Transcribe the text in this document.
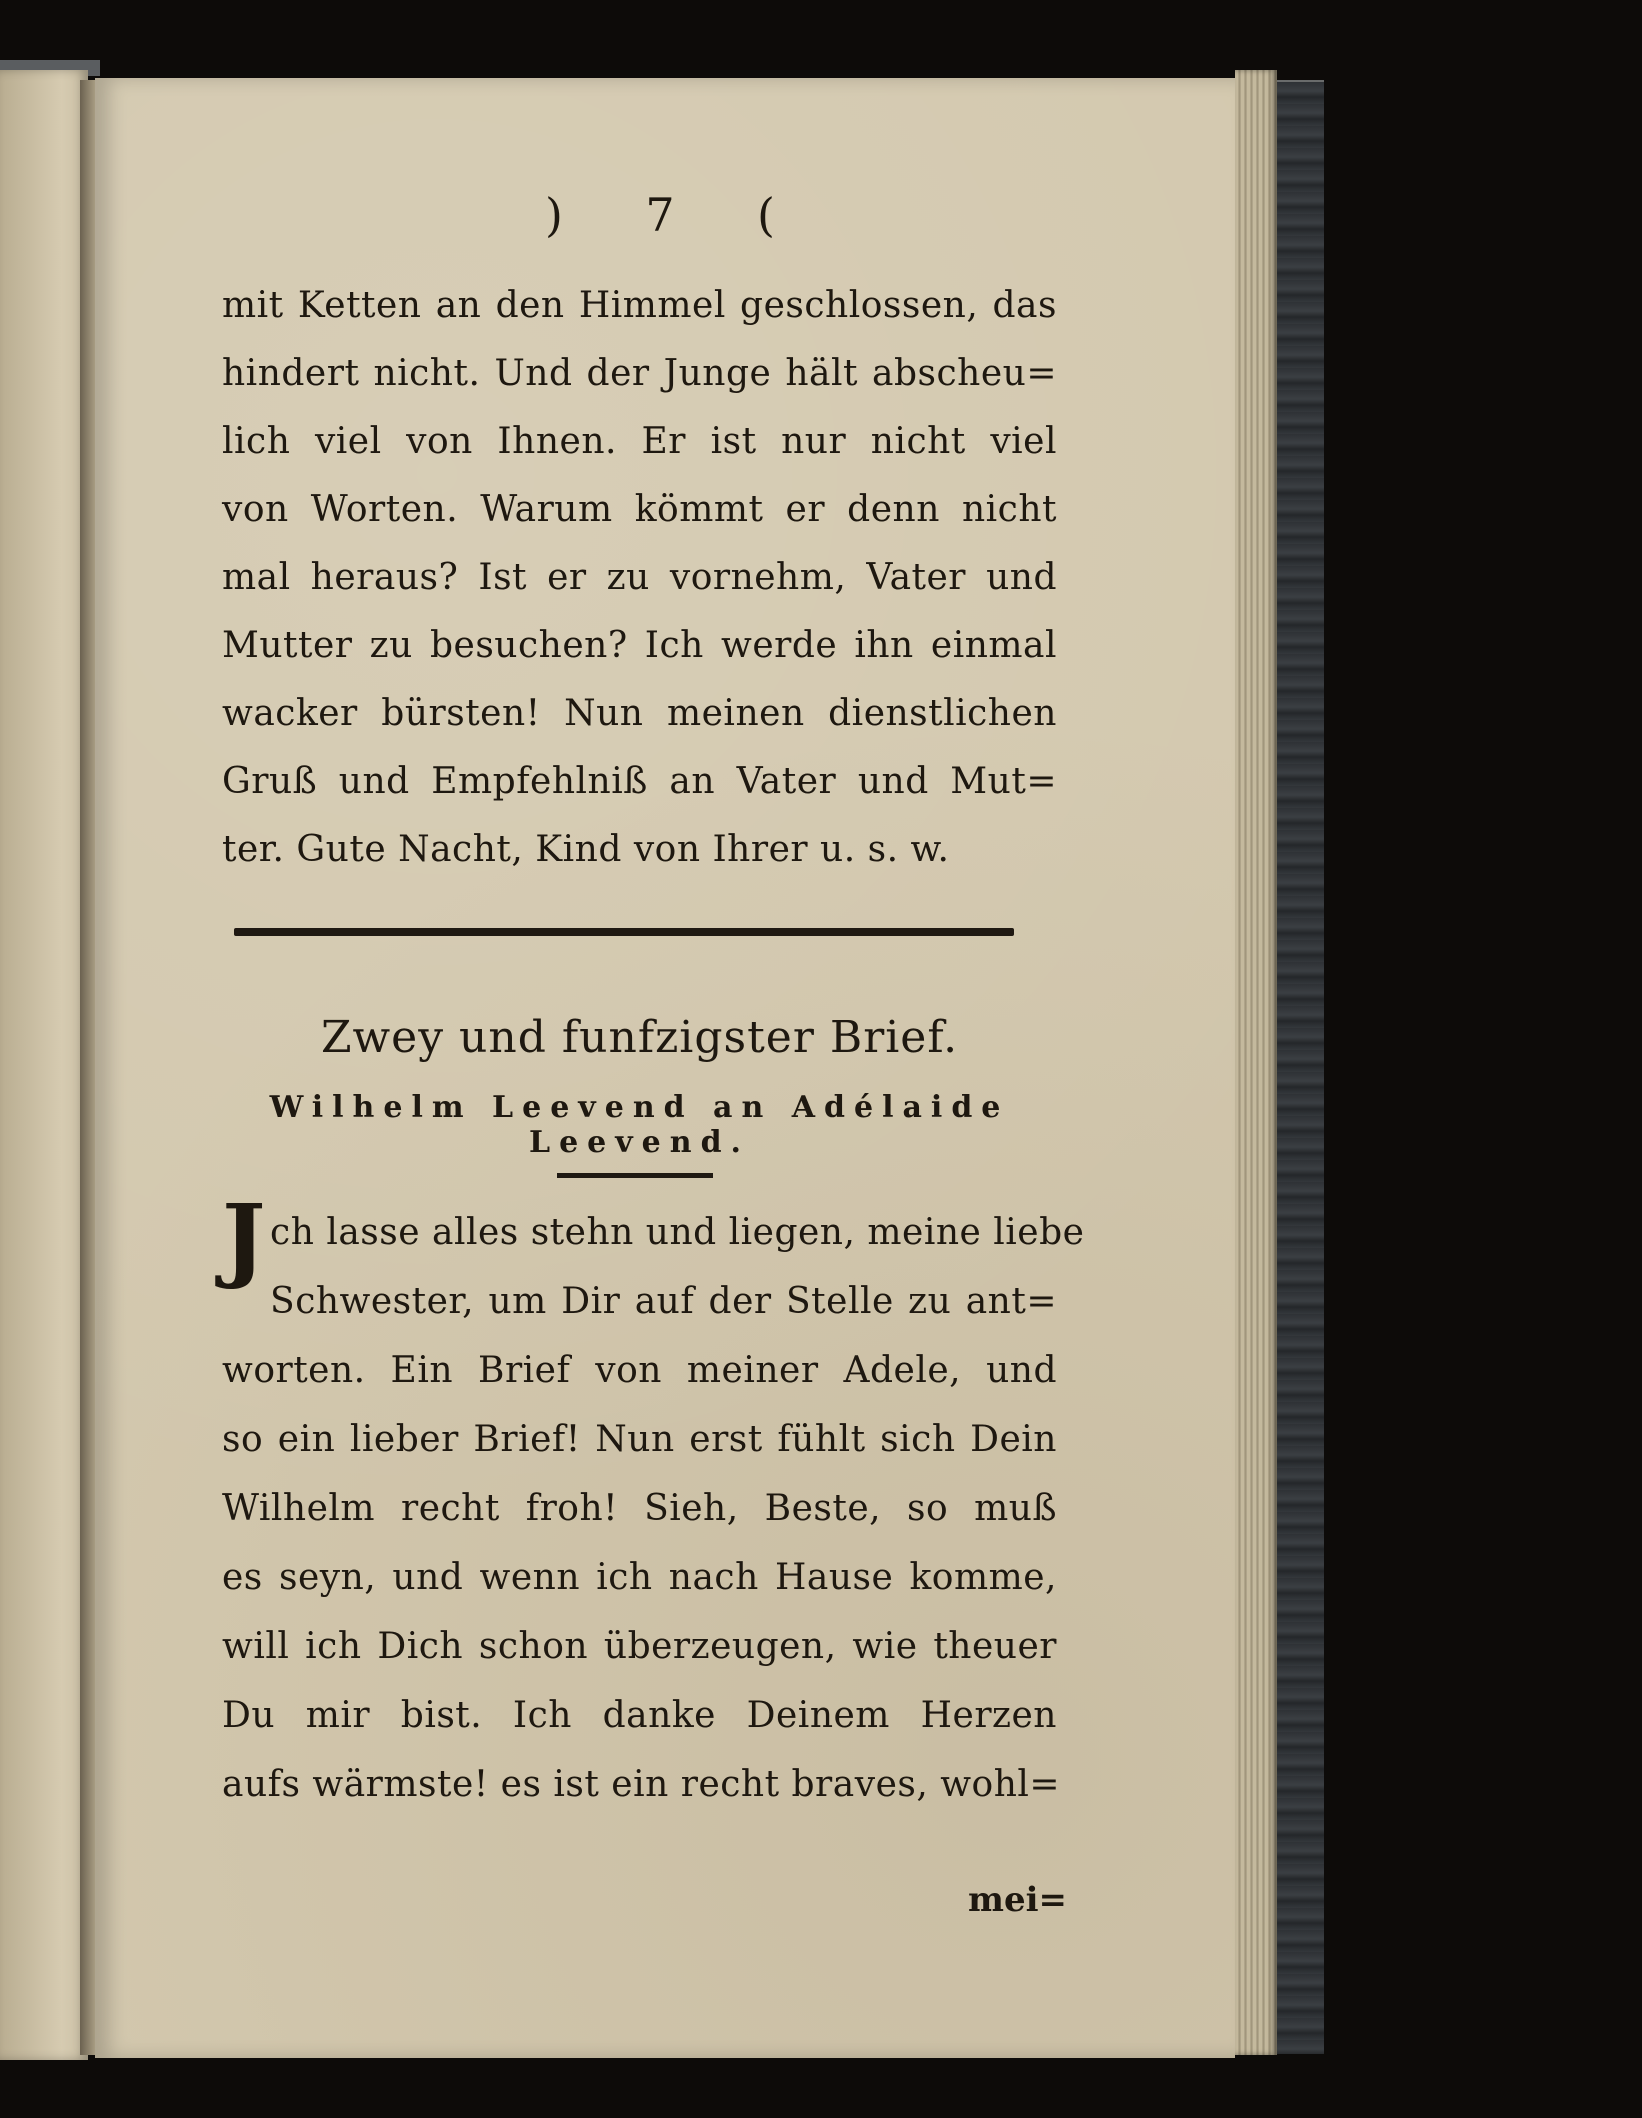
) 7 (
mit Ketten an den Himmel geschlossen, das
hindert nicht. Und der Junge hält abscheu=
lich viel von Ihnen. Er ist nur nicht viel
von Worten. Warum kömmt er denn nicht
mal heraus? Ist er zu vornehm, Vater und
Mutter zu besuchen? Ich werde ihn einmal
wacker bürsten! Nun meinen dienstlichen
Gruß und Empfehlniß an Vater und Mut=
ter. Gute Nacht, Kind von Ihrer u. s. w.
Zwey und funfzigster Brief.
Wilhelm Leevend an Adélaide Leevend.
Jch lasse alles stehn und liegen, meine liebe
Schwester, um Dir auf der Stelle zu ant=
worten. Ein Brief von meiner Adele, und
so ein lieber Brief! Nun erst fühlt sich Dein
Wilhelm recht froh! Sieh, Beste, so muß
es seyn, und wenn ich nach Hause komme,
will ich Dich schon überzeugen, wie theuer
Du mir bist. Ich danke Deinem Herzen
aufs wärmste! es ist ein recht braves, wohl=
mei=
